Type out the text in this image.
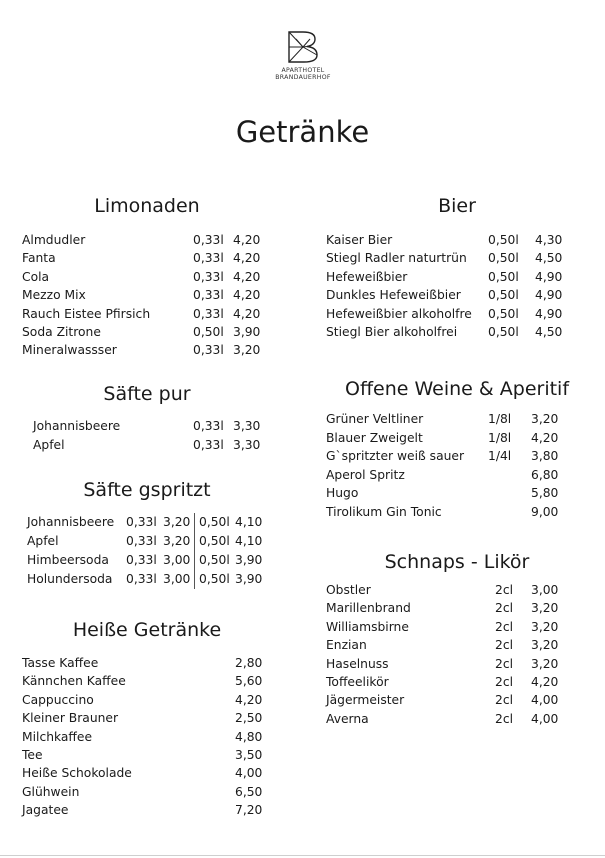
APARTHOTEL
BRANDAUERHOF
Getränke
Limonaden
Almdudler	0,33l 4,20
Fanta	0,33l 4,20
Cola	0,33l 4,20
Mezzo Mix	0,33l 4,20
Rauch Eistee Pfirsich	0,33l 4,20
Soda Zitrone	0,50l 3,90
Mineralwassser	0,33l 3,20
Säfte pur
Johannisbeere	0,33l 3,30
Apfel	0,33l 3,30
Säfte gspritzt
Johannisbeere 0,33l 3,20 0,50l 4,10
Apfel	0,33l 3,20 0,50l 4,10
Himbeersoda 0,33l 3,00 0,50l 3,90
Holundersoda 0,33l 3,00 0,50l 3,90
Heiße Getränke
Tasse Kaffee	2,80
Kännchen Kaffee	5,60
Cappuccino	4,20
Kleiner Brauner	2,50
Milchkaffee	4,80
Tee	3,50
Heiße Schokolade	4,00
Glühwein	6,50
Jagatee	7,20
Bier
Kaiser Bier	0,50l 4,30
Stiegl Radler naturtrün 0,50l 4,50
Hefeweißbier	0,50l 4,90
Dunkles Hefeweißbier 0,50l 4,90
Hefeweißbier alkoholfre 0,50l 4,90
Stiegl Bier alkoholfrei	0,50l 4,50
Offene Weine & Aperitif
Grüner Veltliner	1/8l 3,20
Blauer Zweigelt	1/8l 4,20
G`spritzter weiß sauer 1/4l 3,80
Aperol Spritz	6,80
Hugo	5,80
Tirolikum Gin Tonic	9,00
Schnaps - Likör
Obstler	2cl 3,00
Marillenbrand	2cl 3,20
Williamsbirne	2cl 3,20
Enzian	2cl 3,20
Haselnuss	2cl 3,20
Toffeelikör	2cl 4,20
Jägermeister	2cl 4,00
Averna	2cl 4,00
